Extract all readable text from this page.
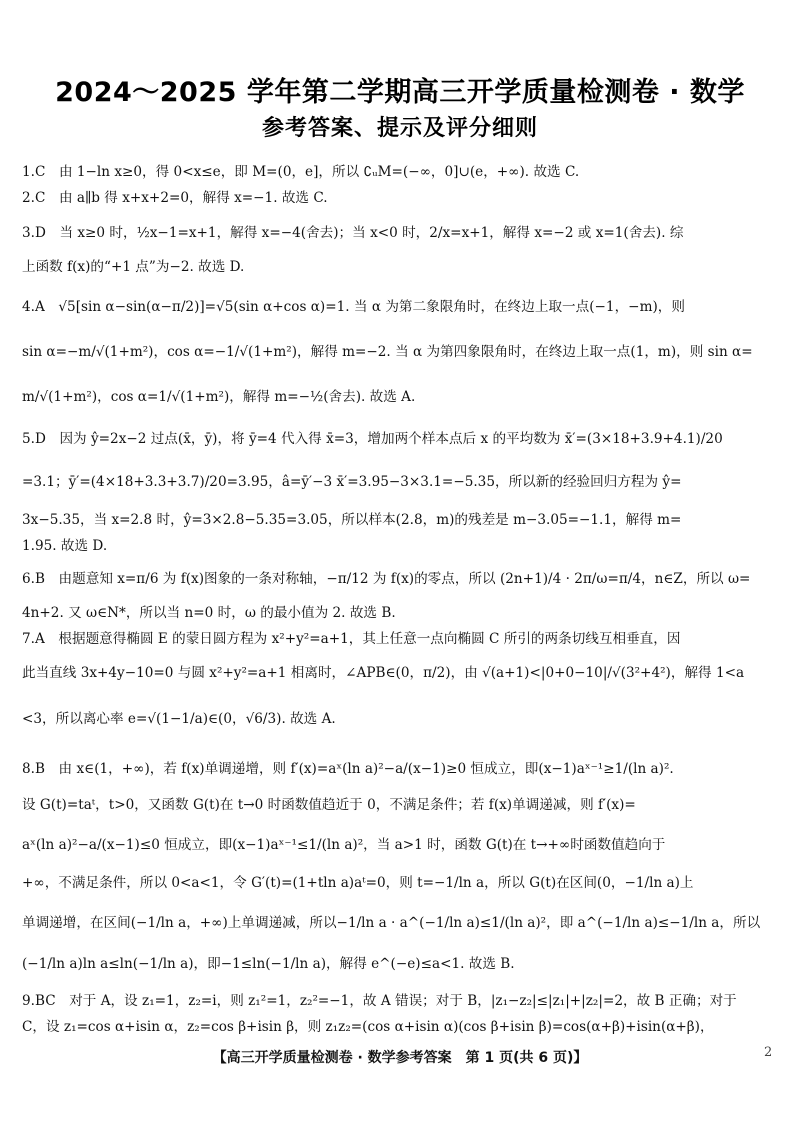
2024～2025 学年第二学期高三开学质量检测卷 · 数学
参考答案、提示及评分细则
1.C　由 1−ln x≥0，得 0<x≤e，即 M=(0，e]，所以 ∁ᵤM=(−∞，0]∪(e，+∞). 故选 C.
2.C　由 a∥b 得 x+x+2=0，解得 x=−1. 故选 C.
3.D　当 x≥0 时，½x−1=x+1，解得 x=−4(舍去)；当 x<0 时，2/x=x+1，解得 x=−2 或 x=1(舍去). 综
上函数 f(x)的“+1 点”为−2. 故选 D.
4.A　√5[sin α−sin(α−π/2)]=√5(sin α+cos α)=1. 当 α 为第二象限角时，在终边上取一点(−1，−m)，则
sin α=−m/√(1+m²)，cos α=−1/√(1+m²)，解得 m=−2. 当 α 为第四象限角时，在终边上取一点(1，m)，则 sin α=
m/√(1+m²)，cos α=1/√(1+m²)，解得 m=−½(舍去). 故选 A.
5.D　因为 ŷ=2x−2 过点(x̄，ȳ)，将 ȳ=4 代入得 x̄=3，增加两个样本点后 x 的平均数为 x̄′=(3×18+3.9+4.1)/20
=3.1；ȳ′=(4×18+3.3+3.7)/20=3.95，â=ȳ′−3 x̄′=3.95−3×3.1=−5.35，所以新的经验回归方程为 ŷ=
3x−5.35，当 x=2.8 时，ŷ=3×2.8−5.35=3.05，所以样本(2.8，m)的残差是 m−3.05=−1.1，解得 m=
1.95. 故选 D.
6.B　由题意知 x=π/6 为 f(x)图象的一条对称轴，−π/12 为 f(x)的零点，所以 (2n+1)/4 · 2π/ω=π/4，n∈Z，所以 ω=
4n+2. 又 ω∈N*，所以当 n=0 时，ω 的最小值为 2. 故选 B.
7.A　根据题意得椭圆 E 的蒙日圆方程为 x²+y²=a+1，其上任意一点向椭圆 C 所引的两条切线互相垂直，因
此当直线 3x+4y−10=0 与圆 x²+y²=a+1 相离时，∠APB∈(0，π/2)，由 √(a+1)<|0+0−10|/√(3²+4²)，解得 1<a
<3，所以离心率 e=√(1−1/a)∈(0，√6/3). 故选 A.
8.B　由 x∈(1，+∞)，若 f(x)单调递增，则 f′(x)=aˣ(ln a)²−a/(x−1)≥0 恒成立，即(x−1)aˣ⁻¹≥1/(ln a)².
设 G(t)=taᵗ，t>0，又函数 G(t)在 t→0 时函数值趋近于 0，不满足条件；若 f(x)单调递减，则 f′(x)=
aˣ(ln a)²−a/(x−1)≤0 恒成立，即(x−1)aˣ⁻¹≤1/(ln a)²，当 a>1 时，函数 G(t)在 t→+∞时函数值趋向于
+∞，不满足条件，所以 0<a<1，令 G′(t)=(1+tln a)aᵗ=0，则 t=−1/ln a，所以 G(t)在区间(0，−1/ln a)上
单调递增，在区间(−1/ln a，+∞)上单调递减，所以−1/ln a · a^(−1/ln a)≤1/(ln a)²，即 a^(−1/ln a)≤−1/ln a，所以
(−1/ln a)ln a≤ln(−1/ln a)，即−1≤ln(−1/ln a)，解得 e^(−e)≤a<1. 故选 B.
9.BC　对于 A，设 z₁=1，z₂=i，则 z₁²=1，z₂²=−1，故 A 错误；对于 B，|z₁−z₂|≤|z₁|+|z₂|=2，故 B 正确；对于
C，设 z₁=cos α+isin α，z₂=cos β+isin β，则 z₁z₂=(cos α+isin α)(cos β+isin β)=cos(α+β)+isin(α+β)，
【高三开学质量检测卷 · 数学参考答案　第 1 页(共 6 页)】	2
